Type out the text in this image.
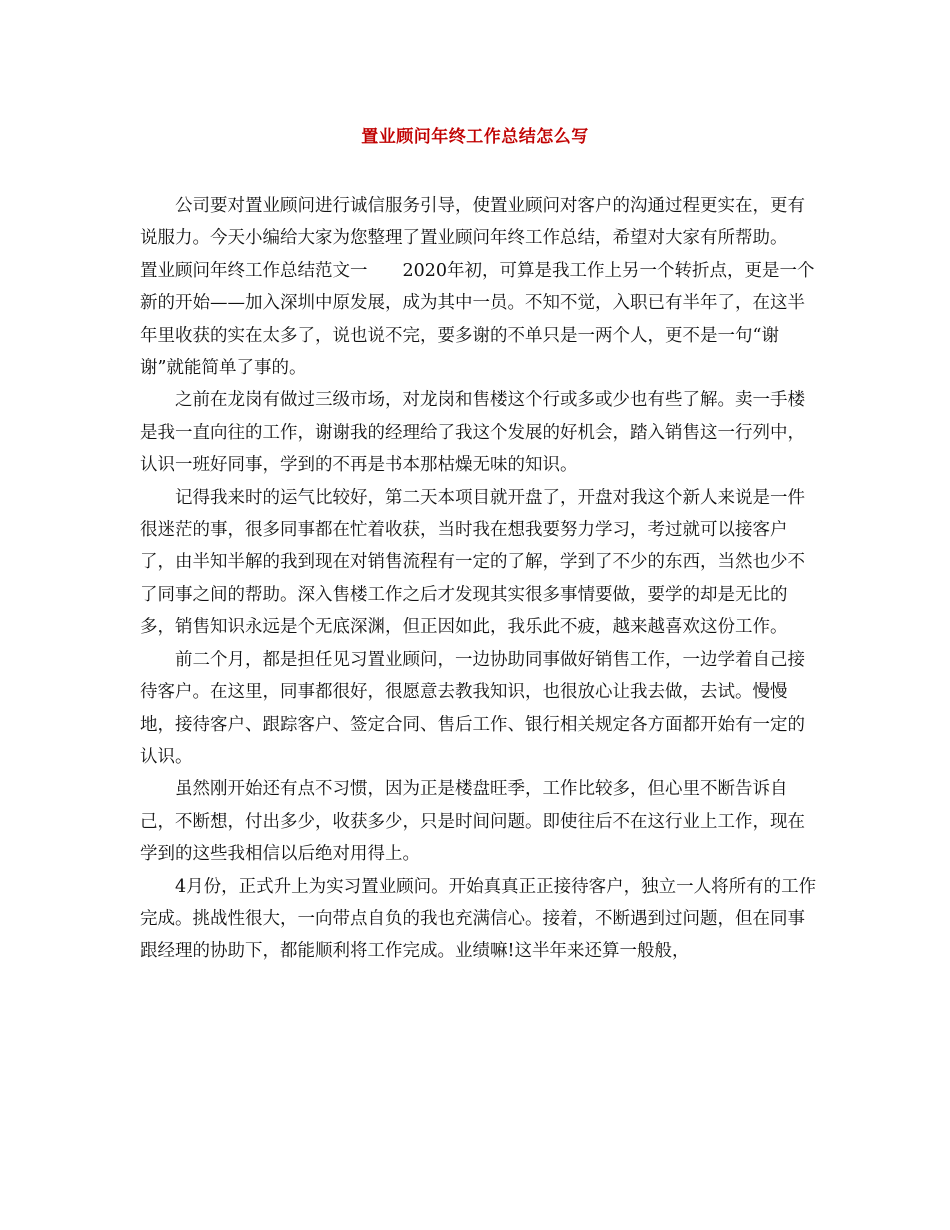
置业顾问年终工作总结怎么写

公司要对置业顾问进行诚信服务引导，使置业顾问对客户的沟通过程更实在，更有说服力。今天小编给大家为您整理了置业顾问年终工作总结，希望对大家有所帮助。

置业顾问年终工作总结范文一　　2020年初，可算是我工作上另一个转折点，更是一个新的开始——加入深圳中原发展，成为其中一员。不知不觉，入职已有半年了，在这半年里收获的实在太多了，说也说不完，要多谢的不单只是一两个人，更不是一句“谢谢”就能简单了事的。

之前在龙岗有做过三级市场，对龙岗和售楼这个行或多或少也有些了解。卖一手楼是我一直向往的工作，谢谢我的经理给了我这个发展的好机会，踏入销售这一行列中，认识一班好同事，学到的不再是书本那枯燥无味的知识。

记得我来时的运气比较好，第二天本项目就开盘了，开盘对我这个新人来说是一件很迷茫的事，很多同事都在忙着收获，当时我在想我要努力学习，考过就可以接客户了，由半知半解的我到现在对销售流程有一定的了解，学到了不少的东西，当然也少不了同事之间的帮助。深入售楼工作之后才发现其实很多事情要做，要学的却是无比的多，销售知识永远是个无底深渊，但正因如此，我乐此不疲，越来越喜欢这份工作。

前二个月，都是担任见习置业顾问，一边协助同事做好销售工作，一边学着自己接待客户。在这里，同事都很好，很愿意去教我知识，也很放心让我去做，去试。慢慢地，接待客户、跟踪客户、签定合同、售后工作、银行相关规定各方面都开始有一定的认识。

虽然刚开始还有点不习惯，因为正是楼盘旺季，工作比较多，但心里不断告诉自己，不断想，付出多少，收获多少，只是时间问题。即使往后不在这行业上工作，现在学到的这些我相信以后绝对用得上。

4月份，正式升上为实习置业顾问。开始真真正正接待客户，独立一人将所有的工作完成。挑战性很大，一向带点自负的我也充满信心。接着，不断遇到过问题，但在同事跟经理的协助下，都能顺利将工作完成。业绩嘛!这半年来还算一般般，
